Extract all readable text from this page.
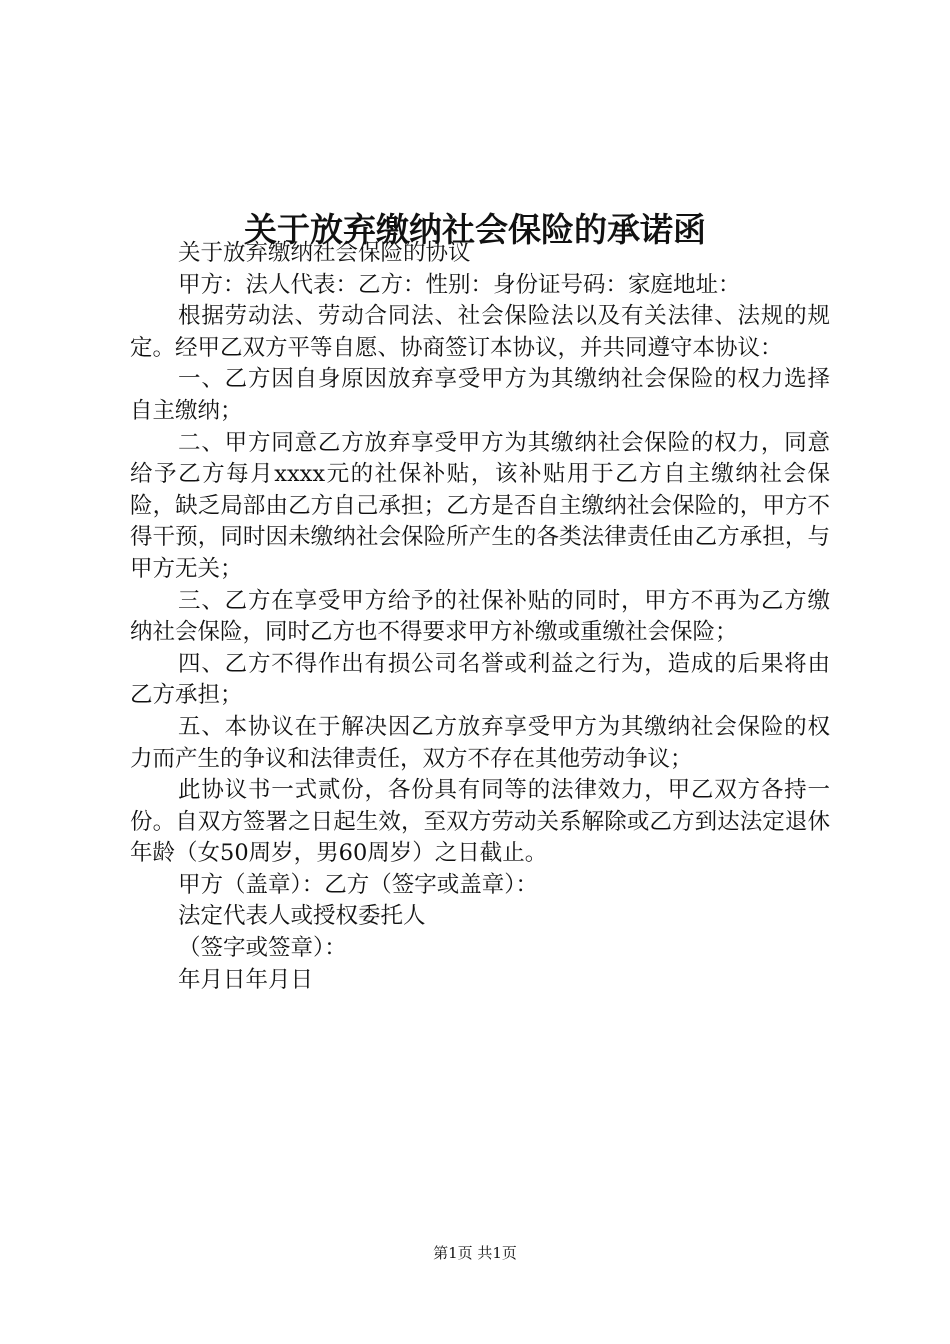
关于放弃缴纳社会保险的承诺函

关于放弃缴纳社会保险的协议

甲方：法人代表：乙方：性别：身份证号码：家庭地址：

根据劳动法、劳动合同法、社会保险法以及有关法律、法规的规定。经甲乙双方平等自愿、协商签订本协议，并共同遵守本协议：

一、乙方因自身原因放弃享受甲方为其缴纳社会保险的权力选择自主缴纳；

二、甲方同意乙方放弃享受甲方为其缴纳社会保险的权力，同意给予乙方每月xxxx元的社保补贴，该补贴用于乙方自主缴纳社会保险，缺乏局部由乙方自己承担；乙方是否自主缴纳社会保险的，甲方不得干预，同时因未缴纳社会保险所产生的各类法律责任由乙方承担，与甲方无关；

三、乙方在享受甲方给予的社保补贴的同时，甲方不再为乙方缴纳社会保险，同时乙方也不得要求甲方补缴或重缴社会保险；

四、乙方不得作出有损公司名誉或利益之行为，造成的后果将由乙方承担；

五、本协议在于解决因乙方放弃享受甲方为其缴纳社会保险的权力而产生的争议和法律责任，双方不存在其他劳动争议；

此协议书一式贰份，各份具有同等的法律效力，甲乙双方各持一份。自双方签署之日起生效，至双方劳动关系解除或乙方到达法定退休年龄（女50周岁，男60周岁）之日截止。

甲方（盖章）：乙方（签字或盖章）：

法定代表人或授权委托人

（签字或签章）：

年月日年月日

第1页 共1页
